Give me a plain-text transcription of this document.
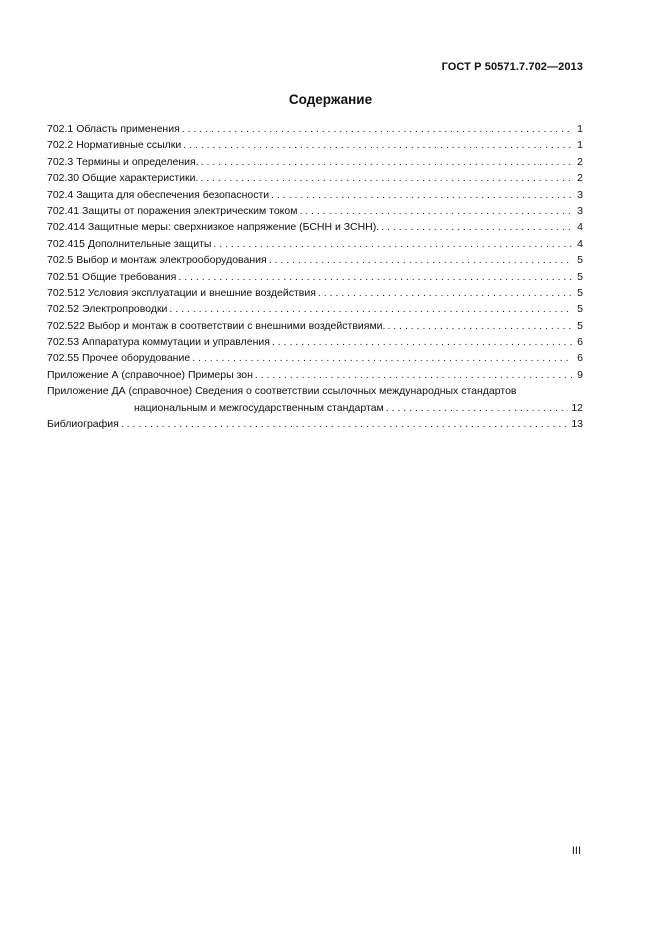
ГОСТ Р 50571.7.702—2013
Содержание
702.1 Область применения . . .	1
702.2 Нормативные ссылки . . .	1
702.3 Термины и определения. . . .	2
702.30 Общие характеристики. . . .	2
702.4 Защита для обеспечения безопасности . . .	3
702.41 Защиты от поражения электрическим током . . .	3
702.414 Защитные меры: сверхнизкое напряжение (БСНН и ЗСНН). . . .	4
702.415 Дополнительные защиты . . .	4
702.5 Выбор и монтаж электрооборудования . . .	5
702.51 Общие требования . . .	5
702.512 Условия эксплуатации и внешние воздействия . . .	5
702.52 Электропроводки . . .	5
702.522 Выбор и монтаж в соответствии с внешними воздействиями. . . .	5
702.53 Аппаратура коммутации и управления . . .	6
702.55 Прочее оборудование . . .	6
Приложение А (справочное) Примеры зон . . .	9
Приложение ДА (справочное) Сведения о соответствии ссылочных международных стандартов
национальным и межгосударственным стандартам . . .	12
Библиография . . .	13
III
